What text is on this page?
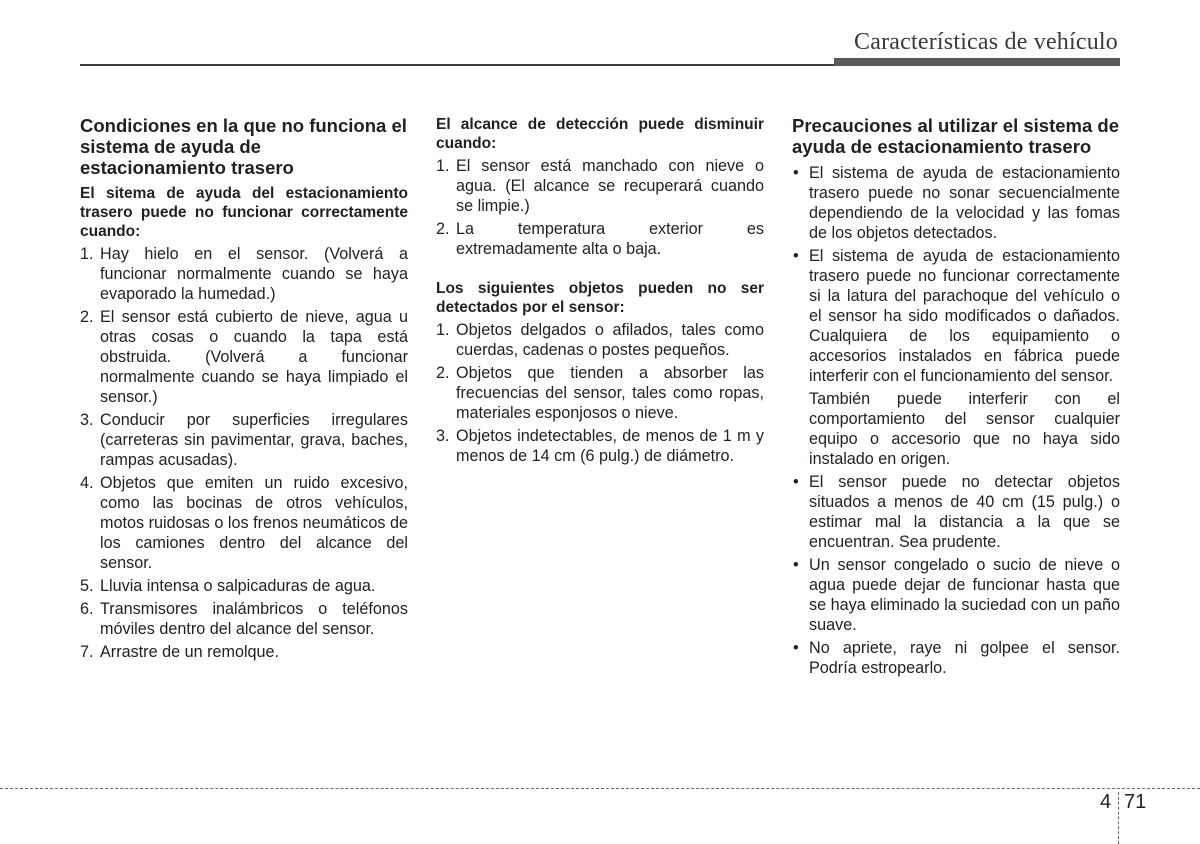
Características de vehículo
Condiciones en la que no funciona el sistema de ayuda de estacionamiento trasero
El sitema de ayuda del estacionamiento trasero puede no funcionar correctamente cuando:
1. Hay hielo en el sensor. (Volverá a funcionar normalmente cuando se haya evaporado la humedad.)
2. El sensor está cubierto de nieve, agua u otras cosas o cuando la tapa está obstruida. (Volverá a funcionar normalmente cuando se haya limpiado el sensor.)
3. Conducir por superficies irregulares (carreteras sin pavimentar, grava, baches, rampas acusadas).
4. Objetos que emiten un ruido excesivo, como las bocinas de otros vehículos, motos ruidosas o los frenos neumáticos de los camiones dentro del alcance del sensor.
5. Lluvia intensa o salpicaduras de agua.
6. Transmisores inalámbricos o teléfonos móviles dentro del alcance del sensor.
7. Arrastre de un remolque.
El alcance de detección puede disminuir cuando:
1. El sensor está manchado con nieve o agua. (El alcance se recuperará cuando se limpie.)
2. La temperatura exterior es extremadamente alta o baja.
Los siguientes objetos pueden no ser detectados por el sensor:
1. Objetos delgados o afilados, tales como cuerdas, cadenas o postes pequeños.
2. Objetos que tienden a absorber las frecuencias del sensor, tales como ropas, materiales esponjosos o nieve.
3. Objetos indetectables, de menos de 1 m y menos de 14 cm (6 pulg.) de diámetro.
Precauciones al utilizar el sistema de ayuda de estacionamiento trasero
• El sistema de ayuda de estacionamiento trasero puede no sonar secuencialmente dependiendo de la velocidad y las fomas de los objetos detectados.

• El sistema de ayuda de estacionamiento trasero puede no funcionar correctamente si la latura del parachoque del vehículo o el sensor ha sido modificados o dañados. Cualquiera de los equipamiento o accesorios instalados en fábrica puede interferir con el funcionamiento del sensor.

También puede interferir con el comportamiento del sensor cualquier equipo o accesorio que no haya sido instalado en origen.

• El sensor puede no detectar objetos situados a menos de 40 cm (15 pulg.) o estimar mal la distancia a la que se encuentran. Sea prudente.

• Un sensor congelado o sucio de nieve o agua puede dejar de funcionar hasta que se haya eliminado la suciedad con un paño suave.

• No apriete, raye ni golpee el sensor. Podría estropearlo.

4 71
